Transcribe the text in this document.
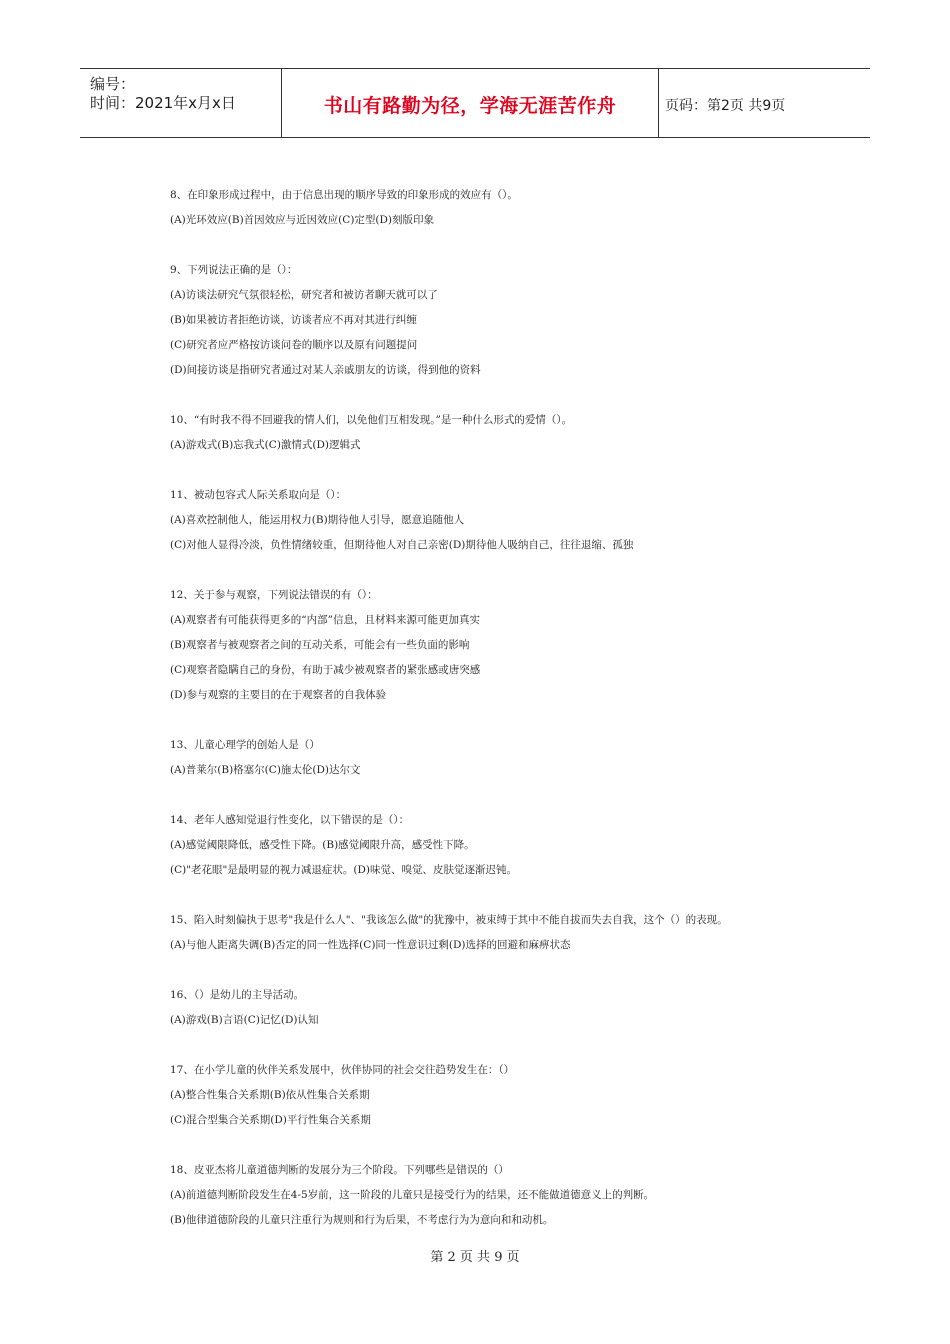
编号：
时间：2021年x月x日	书山有路勤为径，学海无涯苦作舟	页码：第2页 共9页
8、在印象形成过程中，由于信息出现的顺序导致的印象形成的效应有（）。
(A)光环效应(B)首因效应与近因效应(C)定型(D)刻版印象
9、下列说法正确的是（）：
(A)访谈法研究气氛很轻松，研究者和被访者聊天就可以了
(B)如果被访者拒绝访谈，访谈者应不再对其进行纠缠
(C)研究者应严格按访谈问卷的顺序以及原有问题提问
(D)间接访谈是指研究者通过对某人亲戚朋友的访谈，得到他的资料
10、“有时我不得不回避我的情人们，以免他们互相发现。”是一种什么形式的爱情（）。
(A)游戏式(B)忘我式(C)激情式(D)逻辑式
11、被动包容式人际关系取向是（）：
(A)喜欢控制他人，能运用权力(B)期待他人引导，愿意追随他人
(C)对他人显得冷淡，负性情绪较重，但期待他人对自己亲密(D)期待他人吸纳自己，往往退缩、孤独
12、关于参与观察，下列说法错误的有（）：
(A)观察者有可能获得更多的“内部”信息，且材料来源可能更加真实
(B)观察者与被观察者之间的互动关系，可能会有一些负面的影响
(C)观察者隐瞒自己的身份，有助于减少被观察者的紧张感或唐突感
(D)参与观察的主要目的在于观察者的自我体验
13、儿童心理学的创始人是（）
(A)普莱尔(B)格塞尔(C)施太伦(D)达尔文
14、老年人感知觉退行性变化，以下错误的是（）：
(A)感觉阈限降低，感受性下降。(B)感觉阈限升高，感受性下降。
(C)"老花眼"是最明显的视力减退症状。(D)味觉、嗅觉、皮肤觉逐渐迟钝。
15、陷入时刻偏执于思考"我是什么人"、"我该怎么做"的犹豫中，被束缚于其中不能自拔而失去自我，这个（）的表现。
(A)与他人距离失调(B)否定的同一性选择(C)同一性意识过剩(D)选择的回避和麻痹状态
16、（）是幼儿的主导活动。
(A)游戏(B)言语(C)记忆(D)认知
17、在小学儿童的伙伴关系发展中，伙伴协同的社会交往趋势发生在：（）
(A)整合性集合关系期(B)依从性集合关系期
(C)混合型集合关系期(D)平行性集合关系期
18、皮亚杰将儿童道德判断的发展分为三个阶段。下列哪些是错误的（）
(A)前道德判断阶段发生在4-5岁前，这一阶段的儿童只是接受行为的结果，还不能做道德意义上的判断。
(B)他律道德阶段的儿童只注重行为规则和行为后果，不考虑行为为意向和和动机。
第 2 页 共 9 页
